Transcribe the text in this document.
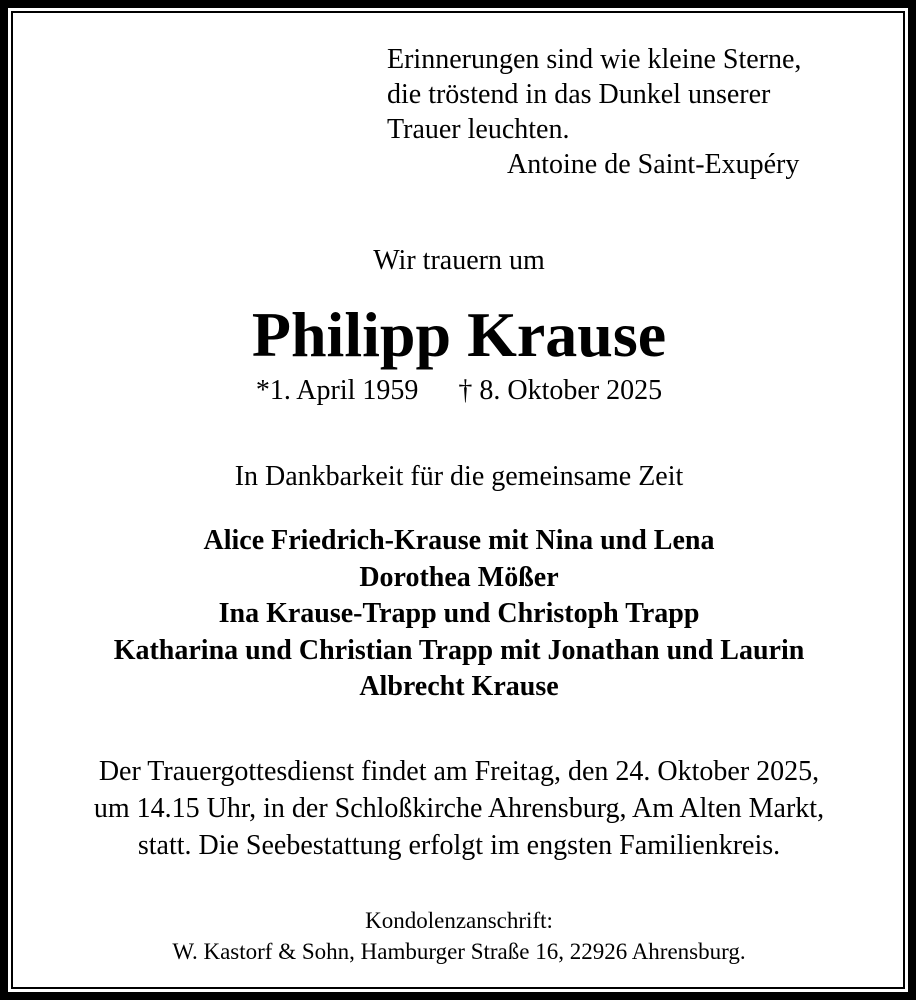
Erinnerungen sind wie kleine Sterne,
die tröstend in das Dunkel unserer
Trauer leuchten.
Antoine de Saint-Exupéry
Wir trauern um
Philipp Krause
*1. April 1959 † 8. Oktober 2025
In Dankbarkeit für die gemeinsame Zeit
Alice Friedrich-Krause mit Nina und Lena
Dorothea Mößer
Ina Krause-Trapp und Christoph Trapp
Katharina und Christian Trapp mit Jonathan und Laurin
Albrecht Krause
Der Trauergottesdienst findet am Freitag, den 24. Oktober 2025,
um 14.15 Uhr, in der Schloßkirche Ahrensburg, Am Alten Markt,
statt. Die Seebestattung erfolgt im engsten Familienkreis.
Kondolenzanschrift:
W. Kastorf & Sohn, Hamburger Straße 16, 22926 Ahrensburg.
